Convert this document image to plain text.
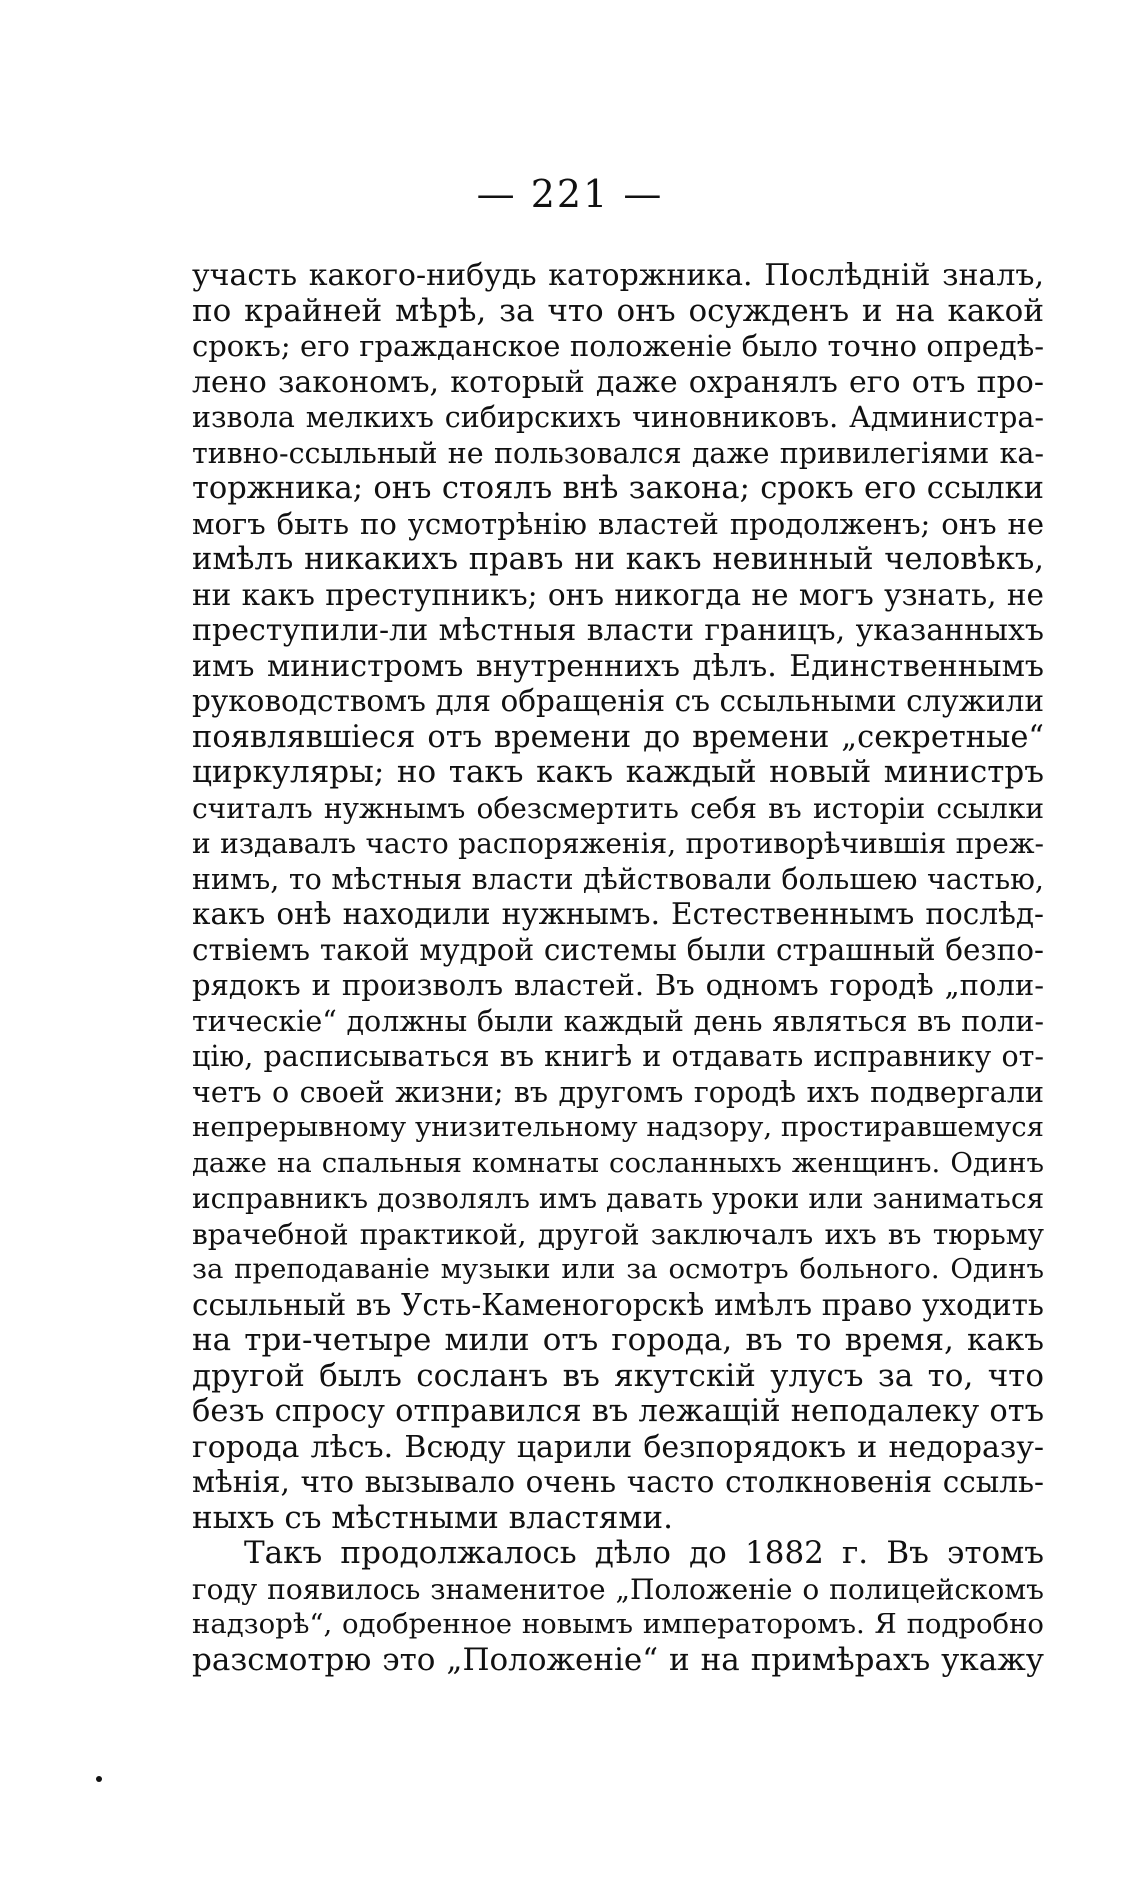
— 221 —
участь какого-нибудь каторжника. Послѣднiй зналъ,
по крайней мѣрѣ, за что онъ осужденъ и на какой
срокъ; его гражданское положенiе было точно опредѣ-
лено закономъ, который даже охранялъ его отъ про-
извола мелкихъ сибирскихъ чиновниковъ. Администра-
тивно-ссыльный не пользовался даже привилегiями ка-
торжника; онъ стоялъ внѣ закона; срокъ его ссылки
могъ быть по усмотрѣнiю властей продолженъ; онъ не
имѣлъ никакихъ правъ ни какъ невинный человѣкъ,
ни какъ преступникъ; онъ никогда не могъ узнать, не
преступили-ли мѣстныя власти границъ, указанныхъ
имъ министромъ внутреннихъ дѣлъ. Единственнымъ
руководствомъ для обращенiя съ ссыльными служили
появлявшiеся отъ времени до времени „секретные“
циркуляры; но такъ какъ каждый новый министръ
считалъ нужнымъ обезсмертить себя въ исторiи ссылки
и издавалъ часто распоряженiя, противорѣчившiя преж-
нимъ, то мѣстныя власти дѣйствовали большею частью,
какъ онѣ находили нужнымъ. Естественнымъ послѣд-
ствiемъ такой мудрой системы были страшный безпо-
рядокъ и произволъ властей. Въ одномъ городѣ „поли-
тическiе“ должны были каждый день являться въ поли-
цiю, расписываться въ книгѣ и отдавать исправнику от-
четъ о своей жизни; въ другомъ городѣ ихъ подвергали
непрерывному унизительному надзору, простиравшемуся
даже на спальныя комнаты сосланныхъ женщинъ. Одинъ
исправникъ дозволялъ имъ давать уроки или заниматься
врачебной практикой, другой заключалъ ихъ въ тюрьму
за преподаванiе музыки или за осмотръ больного. Одинъ
ссыльный въ Усть-Каменогорскѣ имѣлъ право уходить
на три-четыре мили отъ города, въ то время, какъ
другой былъ сосланъ въ якутскiй улусъ за то, что
безъ спросу отправился въ лежащiй неподалеку отъ
города лѣсъ. Всюду царили безпорядокъ и недоразу-
мѣнiя, что вызывало очень часто столкновенiя ссыль-
ныхъ съ мѣстными властями.
Такъ продолжалось дѣло до 1882 г. Въ этомъ
году появилось знаменитое „Положенiе о полицейскомъ
надзорѣ“, одобренное новымъ императоромъ. Я подробно
разсмотрю это „Положенiе“ и на примѣрахъ укажу
